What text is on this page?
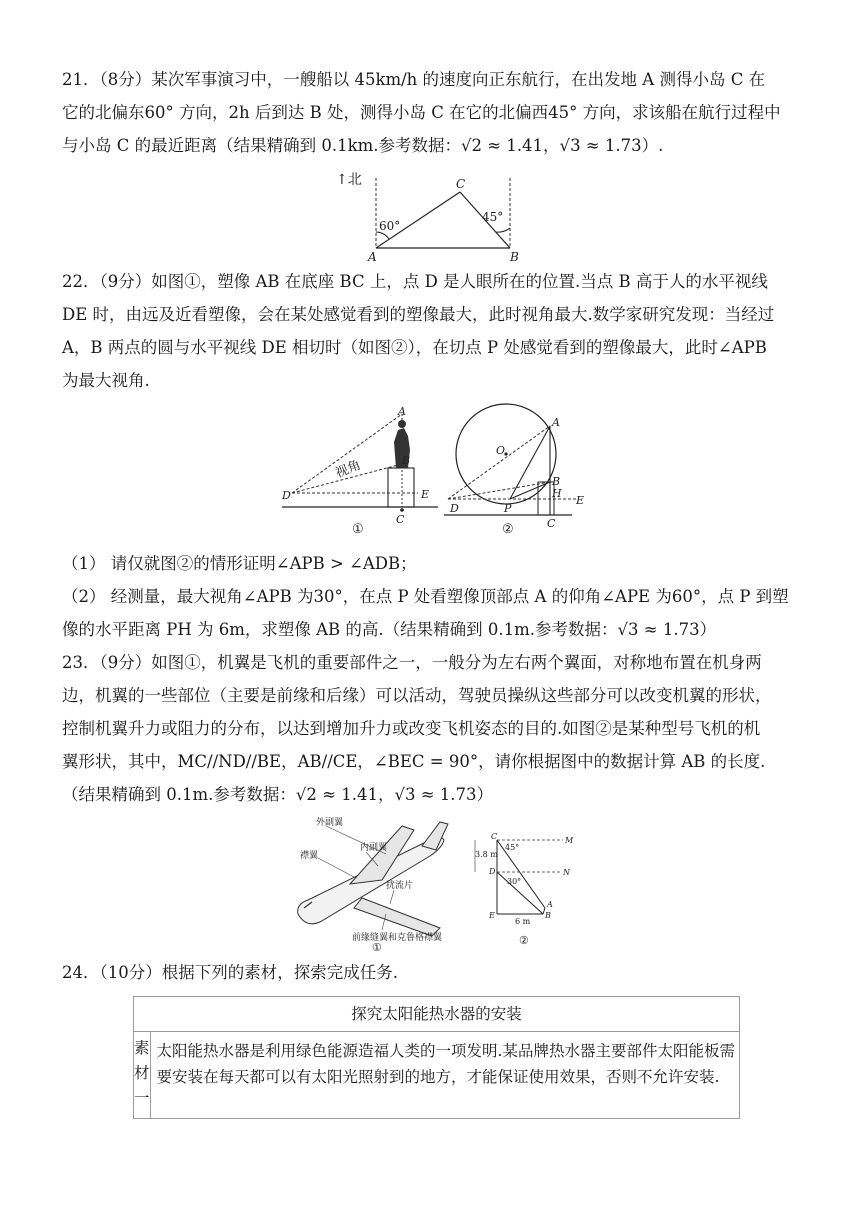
21．（8分）某次军事演习中，一艘船以 45km/h 的速度向正东航行，在出发地 A 测得小岛 C 在
它的北偏东60° 方向，2h 后到达 B 处，测得小岛 C 在它的北偏西45° 方向，求该船在航行过程中
与小岛 C 的最近距离（结果精确到 0.1km.参考数据：√2 ≈ 1.41，√3 ≈ 1.73）.

↑北
A	B
C
60°
45°

22．（9分）如图①，塑像 AB 在底座 BC 上，点 D 是人眼所在的位置.当点 B 高于人的水平视线
DE 时，由远及近看塑像，会在某处感觉看到的塑像最大，此时视角最大.数学家研究发现：当经过
A，B 两点的圆与水平视线 DE 相切时（如图②），在切点 P 处感觉看到的塑像最大，此时∠APB
为最大视角.

A
B
C
D	E
视角
①
A
B
C
D
E
H
O
P
②

（1） 请仅就图②的情形证明∠APB > ∠ADB；
（2） 经测量，最大视角∠APB 为30°，在点 P 处看塑像顶部点 A 的仰角∠APE 为60°，点 P 到塑
像的水平距离 PH 为 6m，求塑像 AB 的高.（结果精确到 0.1m.参考数据：√3 ≈ 1.73）

23．（9分）如图①，机翼是飞机的重要部件之一，一般分为左右两个翼面，对称地布置在机身两
边，机翼的一些部位（主要是前缘和后缘）可以活动，驾驶员操纵这些部分可以改变机翼的形状，
控制机翼升力或阻力的分布，以达到增加升力或改变飞机姿态的目的.如图②是某种型号飞机的机
翼形状，其中，MC//ND//BE，AB//CE，∠BEC = 90°，请你根据图中的数据计算 AB 的长度.
（结果精确到 0.1m.参考数据：√2 ≈ 1.41，√3 ≈ 1.73）

外副翼
内副翼
襟翼
扰流片
前缘缝翼和克鲁格襟翼
①
C
D
E
M
N
A
B
3.8 m
6 m
45°
30°
②

24．（10分）根据下列的素材，探索完成任务.

探究太阳能热水器的安装

素
材
一

太阳能热水器是利用绿色能源造福人类的一项发明.某品牌热水器主要部件太阳能板需
要安装在每天都可以有太阳光照射到的地方，才能保证使用效果，否则不允许安装.
